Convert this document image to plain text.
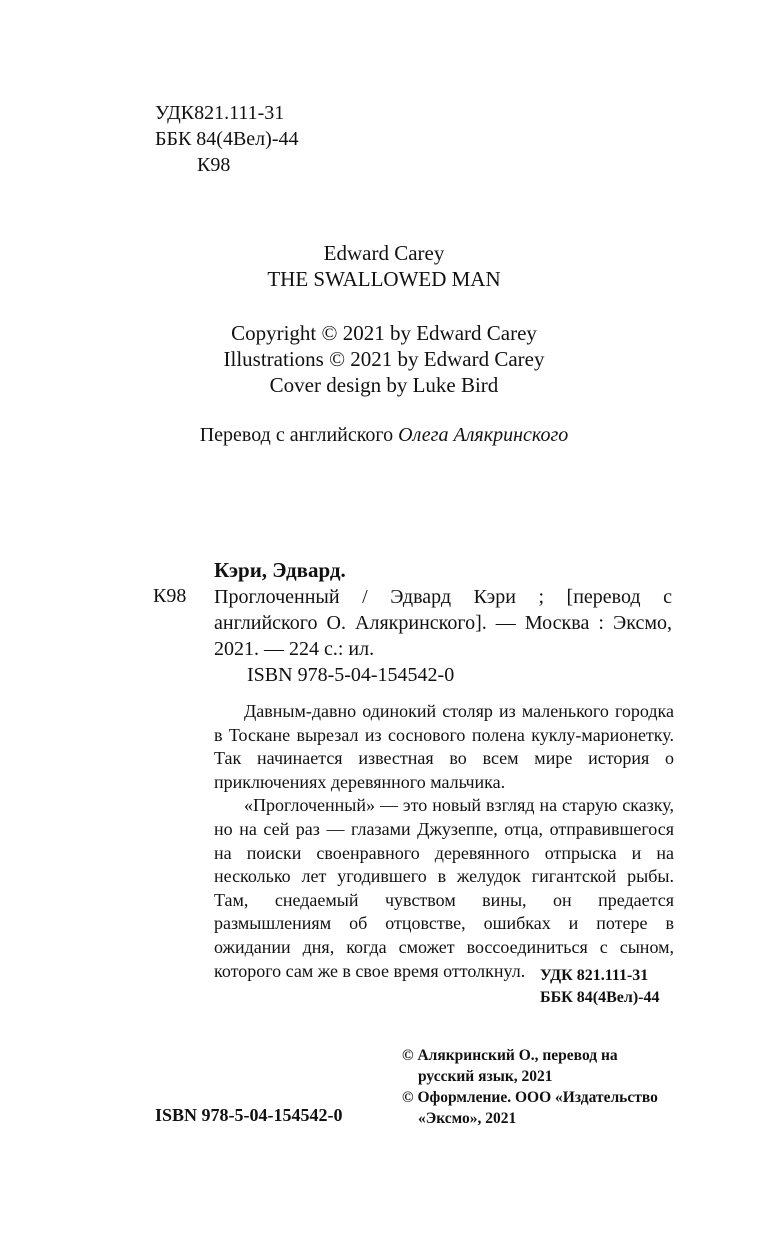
УДК821.111-31
ББК 84(4Вел)-44
К98
Edward Carey
THE SWALLOWED MAN
Copyright © 2021 by Edward Carey
Illustrations © 2021 by Edward Carey
Cover design by Luke Bird
Перевод с английского Олега Алякринского
Кэри, Эдвард.
К98 Проглоченный / Эдвард Кэри ; [перевод с английского О. Алякринского]. — Москва : Эксмо, 2021. — 224 с.: ил.
ISBN 978-5-04-154542-0

Давным-давно одинокий столяр из маленького городка в Тоскане вырезал из соснового полена куклу-марионетку. Так начинается известная во всем мире история о приключениях деревянного мальчика.

«Проглоченный» — это новый взгляд на старую сказку, но на сей раз — глазами Джузеппе, отца, отправившегося на поиски своенравного деревянного отпрыска и на несколько лет угодившего в желудок гигантской рыбы. Там, снедаемый чувством вины, он предается размышлениям об отцовстве, ошибках и потере в ожидании дня, когда сможет воссоединиться с сыном, которого сам же в свое время оттолкнул. УДК 821.111-31
ББК 84(4Вел)-44

© Алякринский О., перевод на русский язык, 2021

© Оформление. ООО «Издательство «Эксмо», 2021

ISBN 978-5-04-154542-0
